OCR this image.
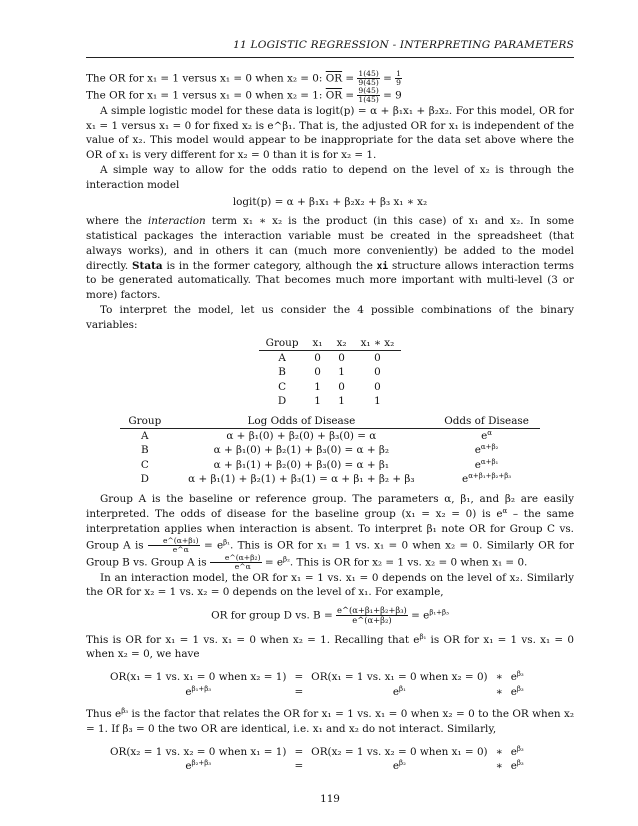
11 LOGISTIC REGRESSION - INTERPRETING PARAMETERS

The OR for x₁ = 1 versus x₁ = 0 when x₂ = 0: $\overline{OR} = \frac{1(45)}{9(45)} = \frac{1}{9}$

The OR for x₁ = 1 versus x₁ = 0 when x₂ = 1: $\overline{OR} = \frac{9(45)}{1(45)} = 9$

A simple logistic model for these data is logit(p) = α + β₁x₁ + β₂x₂. For this model, OR for x₁ = 1 versus x₁ = 0 for fixed x₂ is e^β₁. That is, the adjusted OR for x₁ is independent of the value of x₂. This model would appear to be inappropriate for the data set above where the OR of x₁ is very different for x₂ = 0 than it is for x₂ = 1.

A simple way to allow for the odds ratio to depend on the level of x₂ is through the interaction model

logit(p) = α + β₁x₁ + β₂x₂ + β₃ x₁ ∗ x₂

where the interaction term x₁ ∗ x₂ is the product (in this case) of x₁ and x₂. In some statistical packages the interaction variable must be created in the spreadsheet (that always works), and in others it can (much more conveniently) be added to the model directly. Stata is in the former category, although the xi structure allows interaction terms to be generated automatically. That becomes much more important with multi-level (3 or more) factors.

To interpret the model, let us consider the 4 possible combinations of the binary variables:

Group	x₁	x₂	x₁ ∗ x₂
A	0	0	0
B	0	1	0
C	1	0	0
D	1	1	1
Group	Log Odds of Disease	Odds of Disease
A	α + β₁(0) + β₂(0) + β₃(0) = α	$e^\alpha$
B	α + β₁(0) + β₂(1) + β₃(0) = α + β₂	$e^{\alpha+\beta_2}$
C	α + β₁(1) + β₂(0) + β₃(0) = α + β₁	$e^{\alpha+\beta_1}$
D	α + β₁(1) + β₂(1) + β₃(1) = α + β₁ + β₂ + β₃	$e^{\alpha+\beta_1+\beta_2+\beta_3}$

Group A is the baseline or reference group. The parameters α, β₁, and β₂ are easily interpreted. The odds of disease for the baseline group (x₁ = x₂ = 0) is $e^\alpha$ – the same interpretation applies when interaction is absent. To interpret β₁ note OR for Group C vs. Group A is $\frac{\text{e\textasciicircum{}(α+β₁)}}{e\^{}\alpha} = e^{\beta_1}$. This is OR for x₁ = 1 vs. x₁ = 0 when x₂ = 0. Similarly OR for Group B vs. Group A is $\frac{\text{e\textasciicircum{}(α+β₂)}}{e\^{}\alpha} = e^{\beta_2}$. This is OR for x₂ = 1 vs. x₂ = 0 when x₁ = 0.

In an interaction model, the OR for x₁ = 1 vs. x₁ = 0 depends on the level of x₂. Similarly the OR for x₂ = 1 vs. x₂ = 0 depends on the level of x₁. For example,

OR for group D vs. $B = \frac{\text{e\textasciicircum{}(α+β₁+β₂+β₃)}}{\text{e\textasciicircum{}(α+β₂)}} = e^{\beta_1+\beta_3}$

This is OR for x₁ = 1 vs. x₁ = 0 when x₂ = 1. Recalling that $e^{\beta_1}$ is OR for x₁ = 1 vs. x₁ = 0 when x₂ = 0, we have

OR(x₁ = 1 vs. x₁ = 0 when x₂ = 1)	=	OR(x₁ = 1 vs. x₁ = 0 when x₂ = 0)	∗	$e^{\beta_3}$
$e^{\beta_1+\beta_3}$	=	$e^{\beta_1}$	∗	$e^{\beta_3}$

Thus $e^{\beta_3}$ is the factor that relates the OR for x₁ = 1 vs. x₁ = 0 when x₂ = 0 to the OR when x₂ = 1. If β₃ = 0 the two OR are identical, i.e. x₁ and x₂ do not interact. Similarly,

OR(x₂ = 1 vs. x₂ = 0 when x₁ = 1)	=	OR(x₂ = 1 vs. x₂ = 0 when x₁ = 0)	∗	$e^{\beta_3}$
$e^{\beta_2+\beta_3}$	=	$e^{\beta_2}$	∗	$e^{\beta_3}$
119
